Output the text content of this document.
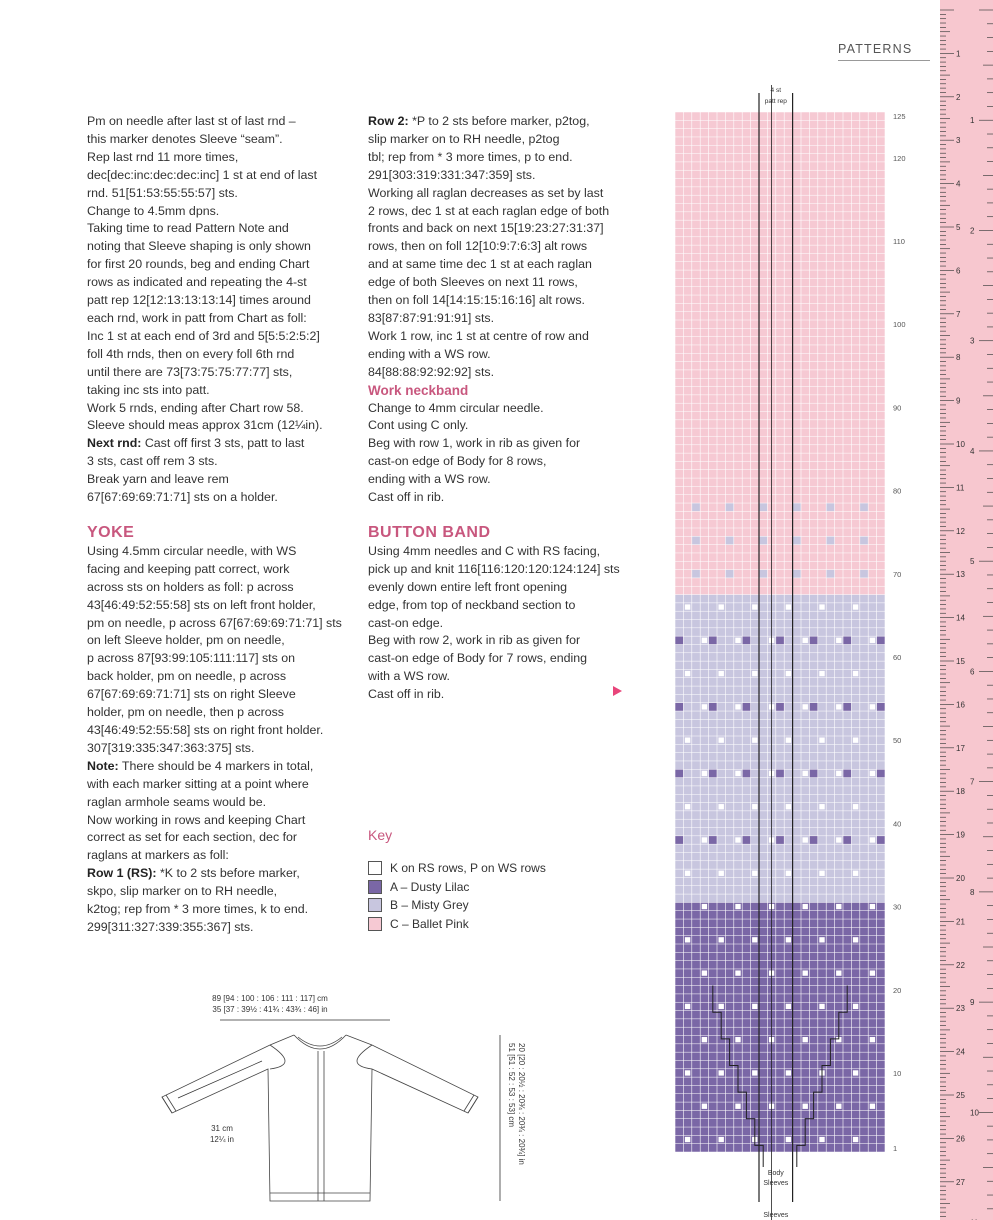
PATTERNS

Pm on needle after last st of last rnd –
this marker denotes Sleeve “seam”.
Rep last rnd 11 more times,
dec[dec:inc:dec:dec:inc] 1 st at end of last
rnd. 51[51:53:55:55:57] sts.
Change to 4.5mm dpns.
Taking time to read Pattern Note and
noting that Sleeve shaping is only shown
for first 20 rounds, beg and ending Chart
rows as indicated and repeating the 4-st
patt rep 12[12:13:13:13:14] times around
each rnd, work in patt from Chart as foll:
Inc 1 st at each end of 3rd and 5[5:5:2:5:2]
foll 4th rnds, then on every foll 6th rnd
until there are 73[73:75:75:77:77] sts,
taking inc sts into patt.
Work 5 rnds, ending after Chart row 58.
Sleeve should meas approx 31cm (12¼in).

Next rnd: Cast off first 3 sts, patt to last
3 sts, cast off rem 3 sts.
Break yarn and leave rem
67[67:69:69:71:71] sts on a holder.

YOKE

Using 4.5mm circular needle, with WS
facing and keeping patt correct, work
across sts on holders as foll: p across
43[46:49:52:55:58] sts on left front holder,
pm on needle, p across 67[67:69:69:71:71] sts
on left Sleeve holder, pm on needle,
p across 87[93:99:105:111:117] sts on
back holder, pm on needle, p across
67[67:69:69:71:71] sts on right Sleeve
holder, pm on needle, then p across
43[46:49:52:55:58] sts on right front holder.
307[319:335:347:363:375] sts.

Note: There should be 4 markers in total,
with each marker sitting at a point where
raglan armhole seams would be.
Now working in rows and keeping Chart
correct as set for each section, dec for
raglans at markers as foll:

Row 1 (RS): *K to 2 sts before marker,
skpo, slip marker on to RH needle,
k2tog; rep from * 3 more times, k to end.
299[311:327:339:355:367] sts.

Row 2: *P to 2 sts before marker, p2tog,
slip marker on to RH needle, p2tog
tbl; rep from * 3 more times, p to end.
291[303:319:331:347:359] sts.
Working all raglan decreases as set by last
2 rows, dec 1 st at each raglan edge of both
fronts and back on next 15[19:23:27:31:37]
rows, then on foll 12[10:9:7:6:3] alt rows
and at same time dec 1 st at each raglan
edge of both Sleeves on next 11 rows,
then on foll 14[14:15:15:16:16] alt rows.
83[87:87:91:91:91] sts.
Work 1 row, inc 1 st at centre of row and
ending with a WS row.
84[88:88:92:92:92] sts.

Work neckband

Change to 4mm circular needle.
Cont using C only.
Beg with row 1, work in rib as given for
cast-on edge of Body for 8 rows,
ending with a WS row.
Cast off in rib.

BUTTON BAND

Using 4mm needles and C with RS facing,
pick up and knit 116[116:120:120:124:124] sts
evenly down entire left front opening
edge, from top of neckband section to
cast-on edge.
Beg with row 2, work in rib as given for
cast-on edge of Body for 7 rows, ending
with a WS row.
Cast off in rib.

Key
K on RS rows, P on WS rows
A – Dusty Lilac
B – Misty Grey
C – Ballet Pink
4 st
patt rep
125
120
110
100
90
80
70
60
50
40
30
20
10
1
Body
Sleeves
Sleeves
89 [94 : 100 : 106 : 111 : 117] cm
35 [37 : 39½ : 41¾ : 43¾ : 46] in
31 cm
12¼ in
51 [51 : 52 : 53 : 53] cm 20 [20 : 20½ : 20¾ : 20¾ : 20¾] in
1
2
3
4
5
6
7
8
9
10
11
12
13
14
15
16
17
18
19
20
21
22
23
24
25
26
27
1
2
3
4
5
6
7
8
9
10
